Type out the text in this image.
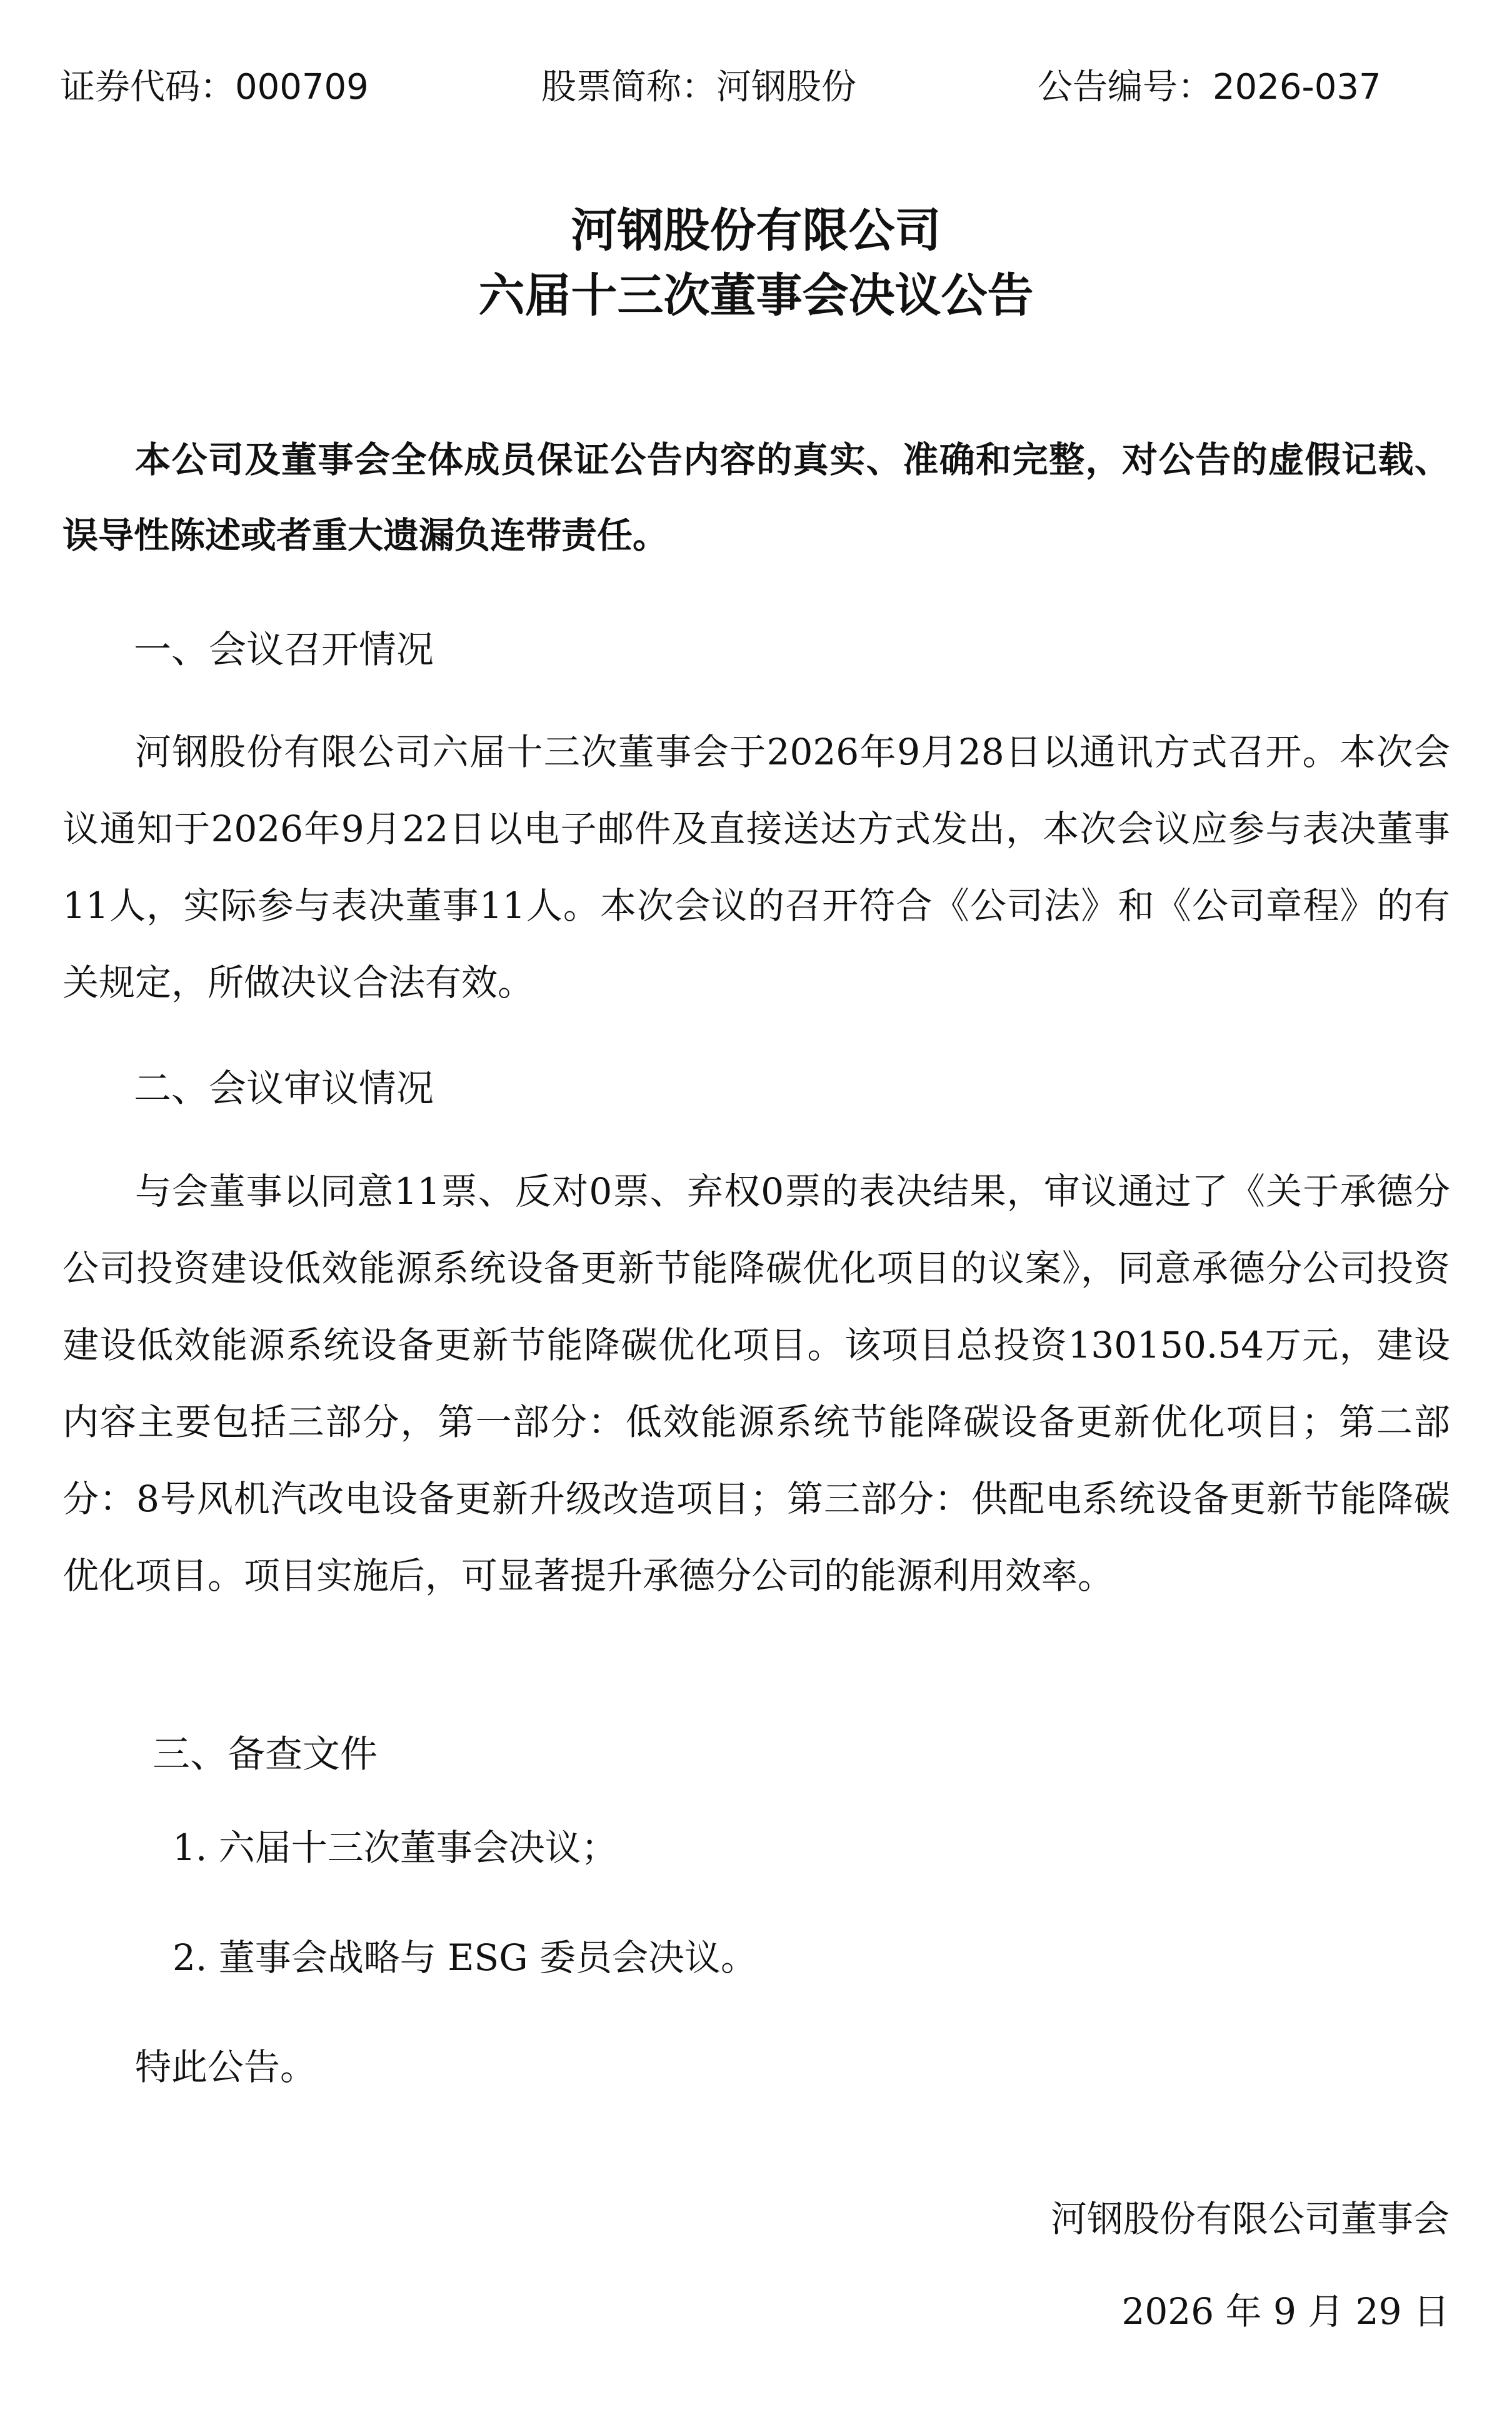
证券代码：000709	股票简称：河钢股份	公告编号：2026-037
河钢股份有限公司
六届十三次董事会决议公告
本公司及董事会全体成员保证公告内容的真实、准确和完整，对公告的虚假记载、误导性陈述或者重大遗漏负连带责任。
一、会议召开情况
河钢股份有限公司六届十三次董事会于2026年9月28日以通讯方式召开。本次会议通知于2026年9月22日以电子邮件及直接送达方式发出，本次会议应参与表决董事11人，实际参与表决董事11人。本次会议的召开符合《公司法》和《公司章程》的有关规定，所做决议合法有效。
二、会议审议情况
与会董事以同意11票、反对0票、弃权0票的表决结果，审议通过了《关于承德分公司投资建设低效能源系统设备更新节能降碳优化项目的议案》，同意承德分公司投资建设低效能源系统设备更新节能降碳优化项目。该项目总投资130150.54万元，建设内容主要包括三部分，第一部分：低效能源系统节能降碳设备更新优化项目；第二部分：8号风机汽改电设备更新升级改造项目；第三部分：供配电系统设备更新节能降碳优化项目。项目实施后，可显著提升承德分公司的能源利用效率。
三、备查文件
1. 六届十三次董事会决议；
2. 董事会战略与 ESG 委员会决议。
特此公告。
河钢股份有限公司董事会
2026 年 9 月 29 日
